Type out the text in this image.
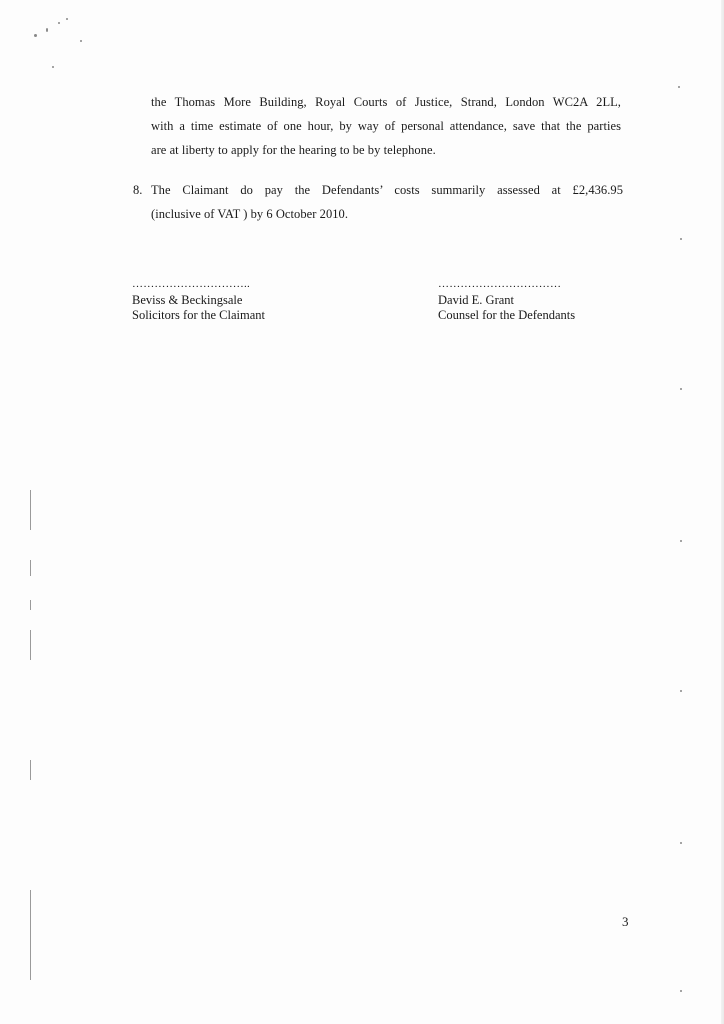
the Thomas More Building, Royal Courts of Justice, Strand, London WC2A 2LL,
with a time estimate of one hour, by way of personal attendance, save that the parties
are at liberty to apply for the hearing to be by telephone.
8. The Claimant do pay the Defendants’ costs summarily assessed at £2,436.95
(inclusive of VAT ) by 6 October 2010.
…………………………..
Beviss & Beckingsale
Solicitors for the Claimant
……………………………
David E. Grant
Counsel for the Defendants
3
